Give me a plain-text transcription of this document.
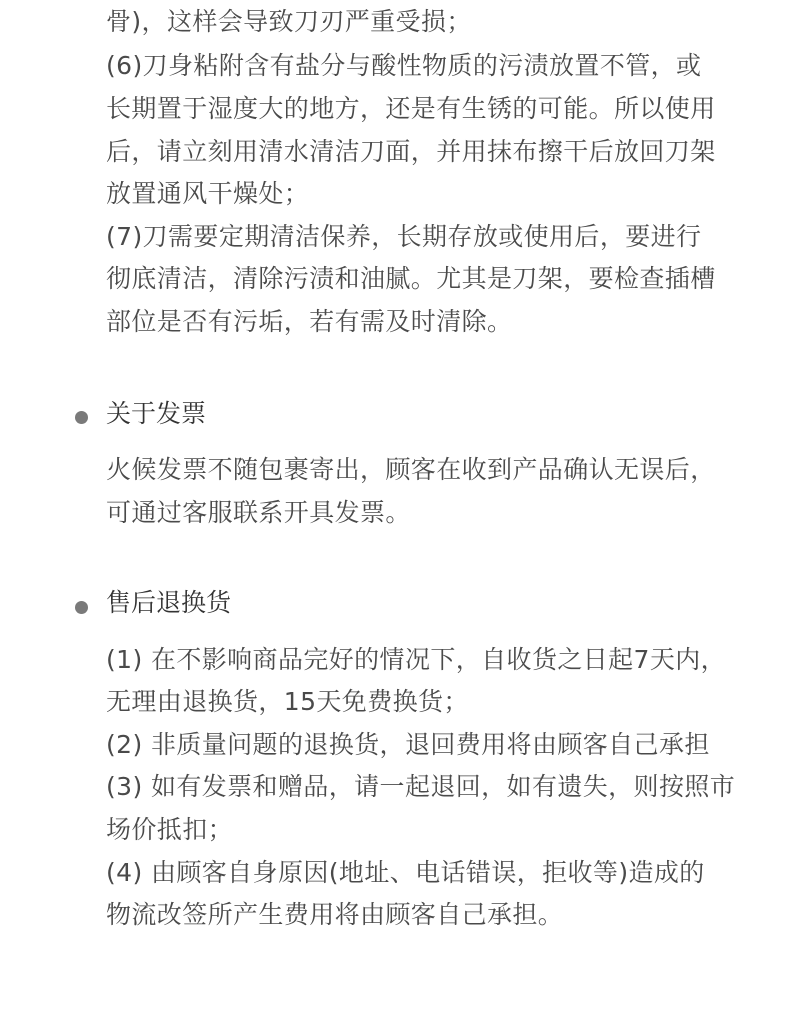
骨)，这样会导致刀刃严重受损；
(6)刀身粘附含有盐分与酸性物质的污渍放置不管，或
长期置于湿度大的地方，还是有生锈的可能。所以使用
后，请立刻用清水清洁刀面，并用抹布擦干后放回刀架
放置通风干燥处；
(7)刀需要定期清洁保养，长期存放或使用后，要进行
彻底清洁，清除污渍和油腻。尤其是刀架，要检查插槽
部位是否有污垢，若有需及时清除。
关于发票
火候发票不随包裹寄出，顾客在收到产品确认无误后，
可通过客服联系开具发票。
售后退换货
(1) 在不影响商品完好的情况下，自收货之日起7天内，
无理由退换货，15天免费换货；
(2) 非质量问题的退换货，退回费用将由顾客自己承担
(3) 如有发票和赠品，请一起退回，如有遗失，则按照市
场价抵扣；
(4) 由顾客自身原因(地址、电话错误，拒收等)造成的
物流改签所产生费用将由顾客自己承担。
